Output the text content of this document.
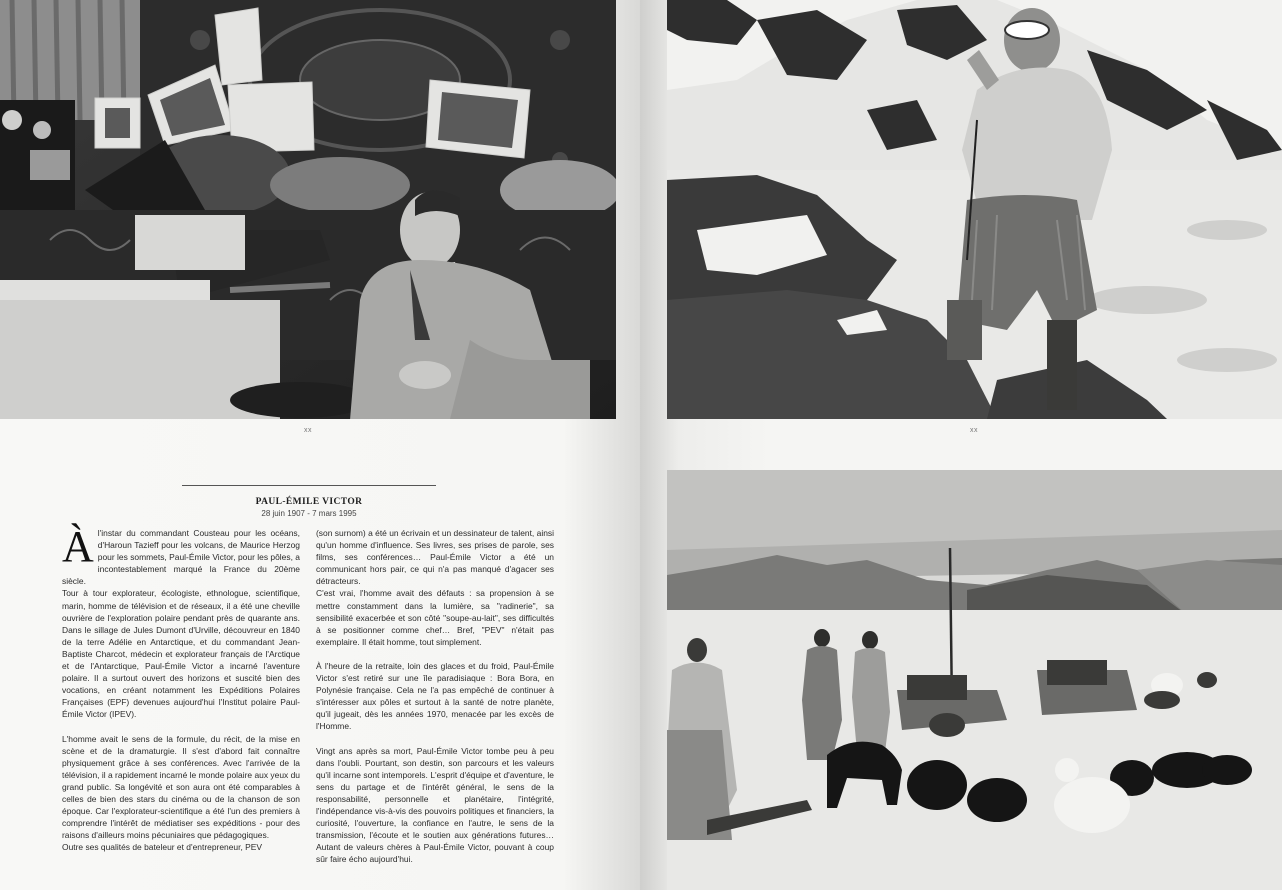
xx
PAUL-ÉMILE VICTOR
28 juin 1907 - 7 mars 1995
À l'instar du commandant Cousteau pour les océans, d'Haroun Tazieff pour les volcans, de Maurice Herzog pour les sommets, Paul-Émile Victor, pour les pôles, a incontestablement marqué la France du 20ème siècle.

Tour à tour explorateur, écologiste, ethnologue, scientifique, marin, homme de télévision et de réseaux, il a été une cheville ouvrière de l'exploration polaire pendant près de quarante ans. Dans le sillage de Jules Dumont d'Urville, découvreur en 1840 de la terre Adélie en Antarctique, et du commandant Jean-Baptiste Charcot, médecin et explorateur français de l'Arctique et de l'Antarctique, Paul-Émile Victor a incarné l'aventure polaire. Il a surtout ouvert des horizons et suscité bien des vocations, en créant notamment les Expéditions Polaires Françaises (EPF) devenues aujourd'hui l'Institut polaire Paul-Émile Victor (IPEV).

L'homme avait le sens de la formule, du récit, de la mise en scène et de la dramaturgie. Il s'est d'abord fait connaître physiquement grâce à ses conférences. Avec l'arrivée de la télévision, il a rapidement incarné le monde polaire aux yeux du grand public. Sa longévité et son aura ont été comparables à celles de bien des stars du cinéma ou de la chanson de son époque. Car l'explorateur-scientifique a été l'un des premiers à comprendre l'intérêt de médiatiser ses expéditions - pour des raisons d'ailleurs moins pécuniaires que pédagogiques.

Outre ses qualités de bateleur et d'entrepreneur, PEV

(son surnom) a été un écrivain et un dessinateur de talent, ainsi qu'un homme d'influence. Ses livres, ses prises de parole, ses films, ses conférences… Paul-Émile Victor a été un communicant hors pair, ce qui n'a pas manqué d'agacer ses détracteurs.

C'est vrai, l'homme avait des défauts : sa propension à se mettre constamment dans la lumière, sa "radinerie", sa sensibilité exacerbée et son côté "soupe-au-lait", ses difficultés à se positionner comme chef… Bref, "PEV" n'était pas exemplaire. Il était homme, tout simplement.

À l'heure de la retraite, loin des glaces et du froid, Paul-Émile Victor s'est retiré sur une île paradisiaque : Bora Bora, en Polynésie française. Cela ne l'a pas empêché de continuer à s'intéresser aux pôles et surtout à la santé de notre planète, qu'il jugeait, dès les années 1970, menacée par les excès de l'Homme.

Vingt ans après sa mort, Paul-Émile Victor tombe peu à peu dans l'oubli. Pourtant, son destin, son parcours et les valeurs qu'il incarne sont intemporels. L'esprit d'équipe et d'aventure, le sens du partage et de l'intérêt général, le sens de la responsabilité, personnelle et planétaire, l'intégrité, l'indépendance vis-à-vis des pouvoirs politiques et financiers, la curiosité, l'ouverture, la confiance en l'autre, le sens de la transmission, l'écoute et le soutien aux générations futures… Autant de valeurs chères à Paul-Émile Victor, pouvant à coup sûr faire écho aujourd'hui.

xx
